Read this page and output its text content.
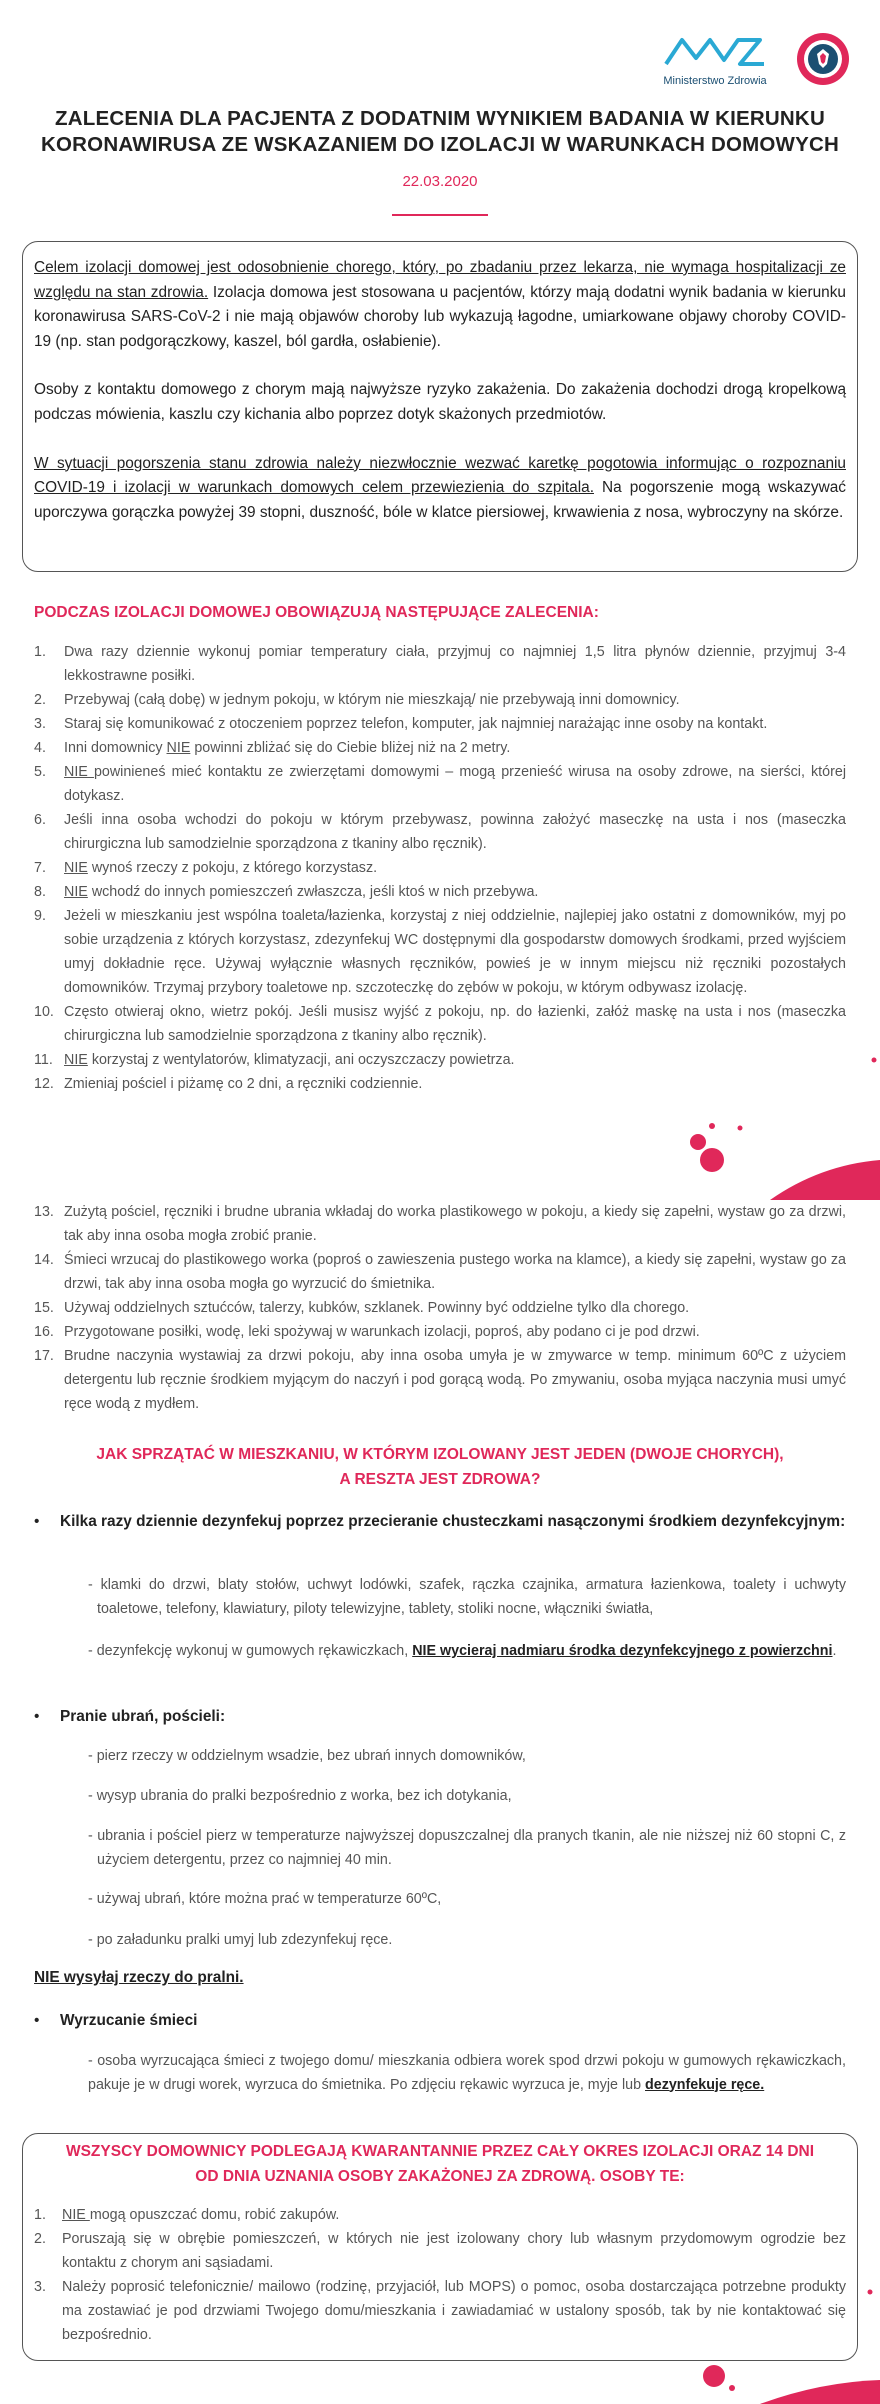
Ministerstwo Zdrowia
ZALECENIA DLA PACJENTA Z DODATNIM WYNIKIEM BADANIA W KIERUNKU
KORONAWIRUSA ZE WSKAZANIEM DO IZOLACJI W WARUNKACH DOMOWYCH
22.03.2020

Celem izolacji domowej jest odosobnienie chorego, który, po zbadaniu przez lekarza, nie wymaga hospitalizacji ze względu na stan zdrowia. Izolacja domowa jest stosowana u pacjentów, którzy mają dodatni wynik badania w kierunku koronawirusa SARS-CoV-2 i nie mają objawów choroby lub wykazują łagodne, umiarkowane objawy choroby COVID-19 (np. stan podgorączkowy, kaszel, ból gardła, osłabienie).

Osoby z kontaktu domowego z chorym mają najwyższe ryzyko zakażenia. Do zakażenia dochodzi drogą kropelkową podczas mówienia, kaszlu czy kichania albo poprzez dotyk skażonych przedmiotów.

W sytuacji pogorszenia stanu zdrowia należy niezwłocznie wezwać karetkę pogotowia informując o rozpoznaniu COVID-19 i izolacji w warunkach domowych celem przewiezienia do szpitala. Na pogorszenie mogą wskazywać uporczywa gorączka powyżej 39 stopni, duszność, bóle w klatce piersiowej, krwawienia z nosa, wybroczyny na skórze.

PODCZAS IZOLACJI DOMOWEJ OBOWIĄZUJĄ NASTĘPUJĄCE ZALECENIA:
1. Dwa razy dziennie wykonuj pomiar temperatury ciała, przyjmuj co najmniej 1,5 litra płynów dziennie, przyjmuj 3-4 lekkostrawne posiłki.
2. Przebywaj (całą dobę) w jednym pokoju, w którym nie mieszkają/ nie przebywają inni domownicy.
3. Staraj się komunikować z otoczeniem poprzez telefon, komputer, jak najmniej narażając inne osoby na kontakt.
4. Inni domownicy NIE powinni zbliżać się do Ciebie bliżej niż na 2 metry.
5. NIE powinieneś mieć kontaktu ze zwierzętami domowymi – mogą przenieść wirusa na osoby zdrowe, na sierści, której dotykasz.
6. Jeśli inna osoba wchodzi do pokoju w którym przebywasz, powinna założyć maseczkę na usta i nos (maseczka chirurgiczna lub samodzielnie sporządzona z tkaniny albo ręcznik).
7. NIE wynoś rzeczy z pokoju, z którego korzystasz.
8. NIE wchodź do innych pomieszczeń zwłaszcza, jeśli ktoś w nich przebywa.
9. Jeżeli w mieszkaniu jest wspólna toaleta/łazienka, korzystaj z niej oddzielnie, najlepiej jako ostatni z domowników, myj po sobie urządzenia z których korzystasz, zdezynfekuj WC dostępnymi dla gospodarstw domowych środkami, przed wyjściem umyj dokładnie ręce. Używaj wyłącznie własnych ręczników, powieś je w innym miejscu niż ręczniki pozostałych domowników. Trzymaj przybory toaletowe np. szczoteczkę do zębów w pokoju, w którym odbywasz izolację.
10. Często otwieraj okno, wietrz pokój. Jeśli musisz wyjść z pokoju, np. do łazienki, załóż maskę na usta i nos (maseczka chirurgiczna lub samodzielnie sporządzona z tkaniny albo ręcznik).
11. NIE korzystaj z wentylatorów, klimatyzacji, ani oczyszczaczy powietrza.
12. Zmieniaj pościel i piżamę co 2 dni, a ręczniki codziennie.
13. Zużytą pościel, ręczniki i brudne ubrania wkładaj do worka plastikowego w pokoju, a kiedy się zapełni, wystaw go za drzwi, tak aby inna osoba mogła zrobić pranie.
14. Śmieci wrzucaj do plastikowego worka (poproś o zawieszenia pustego worka na klamce), a kiedy się zapełni, wystaw go za drzwi, tak aby inna osoba mogła go wyrzucić do śmietnika.
15. Używaj oddzielnych sztućców, talerzy, kubków, szklanek. Powinny być oddzielne tylko dla chorego.
16. Przygotowane posiłki, wodę, leki spożywaj w warunkach izolacji, poproś, aby podano ci je pod drzwi.
17. Brudne naczynia wystawiaj za drzwi pokoju, aby inna osoba umyła je w zmywarce w temp. minimum 60ºC z użyciem detergentu lub ręcznie środkiem myjącym do naczyń i pod gorącą wodą. Po zmywaniu, osoba myjąca naczynia musi umyć ręce wodą z mydłem.
JAK SPRZĄTAĆ W MIESZKANIU, W KTÓRYM IZOLOWANY JEST JEDEN (DWOJE CHORYCH),
A RESZTA JEST ZDROWA?
•	Kilka razy dziennie dezynfekuj poprzez przecieranie chusteczkami nasączonymi środkiem dezynfekcyjnym:
- klamki do drzwi, blaty stołów, uchwyt lodówki, szafek, rączka czajnika, armatura łazienkowa, toalety i uchwyty toaletowe, telefony, klawiatury, piloty telewizyjne, tablety, stoliki nocne, włączniki światła,
- dezynfekcję wykonuj w gumowych rękawiczkach, NIE wycieraj nadmiaru środka dezynfekcyjnego z powierzchni.
•	Pranie ubrań, pościeli:
- pierz rzeczy w oddzielnym wsadzie, bez ubrań innych domowników,
- wysyp ubrania do pralki bezpośrednio z worka, bez ich dotykania,
- ubrania i pościel pierz w temperaturze najwyższej dopuszczalnej dla pranych tkanin, ale nie niższej niż 60 stopni C, z użyciem detergentu, przez co najmniej 40 min.
- używaj ubrań, które można prać w temperaturze 60ºC,
- po załadunku pralki umyj lub zdezynfekuj ręce.
NIE wysyłaj rzeczy do pralni.
•	Wyrzucanie śmieci
- osoba wyrzucająca śmieci z twojego domu/ mieszkania odbiera worek spod drzwi pokoju w gumowych rękawiczkach, pakuje je w drugi worek, wyrzuca do śmietnika. Po zdjęciu rękawic wyrzuca je, myje lub dezynfekuje ręce.
WSZYSCY DOMOWNICY PODLEGAJĄ KWARANTANNIE PRZEZ CAŁY OKRES IZOLACJI ORAZ 14 DNI
OD DNIA UZNANIA OSOBY ZAKAŻONEJ ZA ZDROWĄ. OSOBY TE:
1. NIE mogą opuszczać domu, robić zakupów.
2. Poruszają się w obrębie pomieszczeń, w których nie jest izolowany chory lub własnym przydomowym ogrodzie bez kontaktu z chorym ani sąsiadami.
3. Należy poprosić telefonicznie/ mailowo (rodzinę, przyjaciół, lub MOPS) o pomoc, osoba dostarczająca potrzebne produkty ma zostawiać je pod drzwiami Twojego domu/mieszkania i zawiadamiać w ustalony sposób, tak by nie kontaktować się bezpośrednio.
